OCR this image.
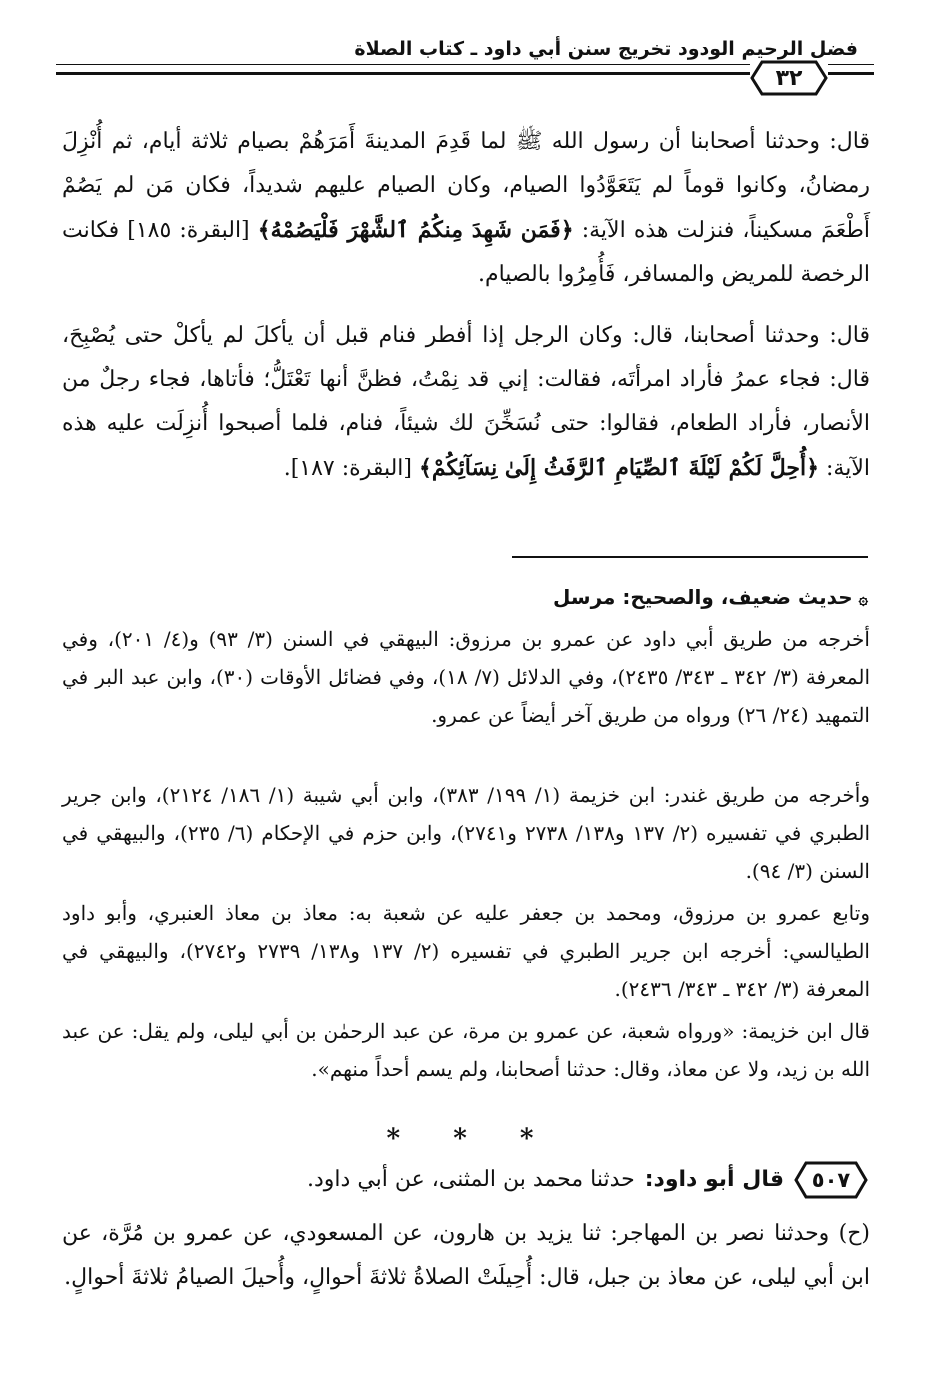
فضل الرحيم الودود تخريج سنن أبي داود ـ كتاب الصلاة
٣٢

قال: وحدثنا أصحابنا أن رسول الله ﷺ لما قَدِمَ المدينةَ أَمَرَهُمْ بصيام ثلاثة أيام، ثم أُنْزِلَ رمضانُ، وكانوا قوماً لم يَتَعَوَّدُوا الصيام، وكان الصيام عليهم شديداً، فكان مَن لم يَصُمْ أَطْعَمَ مسكيناً، فنزلت هذه الآية: ﴿فَمَن شَهِدَ مِنكُمُ ٱلشَّهْرَ فَلْيَصُمْهُ﴾ [البقرة: ١٨٥] فكانت الرخصة للمريض والمسافر، فَأُمِرُوا بالصيام.

قال: وحدثنا أصحابنا، قال: وكان الرجل إذا أفطر فنام قبل أن يأكلَ لم يأكلْ حتى يُصْبِحَ، قال: فجاء عمرُ فأراد امرأتَه، فقالت: إني قد نِمْتُ، فظنَّ أنها تَعْتَلُّ؛ فأتاها، فجاء رجلٌ من الأنصار، فأراد الطعام، فقالوا: حتى نُسَخِّنَ لك شيئاً، فنام، فلما أصبحوا أُنزِلَت عليه هذه الآية: ﴿أُحِلَّ لَكُمْ لَيْلَةَ ٱلصِّيَامِ ٱلرَّفَثُ إِلَىٰ نِسَآئِكُمْ﴾ [البقرة: ١٨٧].

۞حديث ضعيف، والصحيح: مرسل

أخرجه من طريق أبي داود عن عمرو بن مرزوق: البيهقي في السنن (٣/ ٩٣) و(٤/ ٢٠١)، وفي المعرفة (٣/ ٣٤٢ ـ ٣٤٣/ ٢٤٣٥)، وفي الدلائل (٧/ ١٨)، وفي فضائل الأوقات (٣٠)، وابن عبد البر في التمهيد (٢٤/ ٢٦) ورواه من طريق آخر أيضاً عن عمرو.

وأخرجه من طريق غندر: ابن خزيمة (١/ ١٩٩/ ٣٨٣)، وابن أبي شيبة (١/ ١٨٦/ ٢١٢٤)، وابن جرير الطبري في تفسيره (٢/ ١٣٧ و١٣٨/ ٢٧٣٨ و٢٧٤١)، وابن حزم في الإحكام (٦/ ٢٣٥)، والبيهقي في السنن (٣/ ٩٤).

وتابع عمرو بن مرزوق، ومحمد بن جعفر عليه عن شعبة به: معاذ بن معاذ العنبري، وأبو داود الطيالسي: أخرجه ابن جرير الطبري في تفسيره (٢/ ١٣٧ و١٣٨/ ٢٧٣٩ و٢٧٤٢)، والبيهقي في المعرفة (٣/ ٣٤٢ ـ ٣٤٣/ ٢٤٣٦).

قال ابن خزيمة: «ورواه شعبة، عن عمرو بن مرة، عن عبد الرحمٰن بن أبي ليلى، ولم يقل: عن عبد الله بن زيد، ولا عن معاذ، وقال: حدثنا أصحابنا، ولم يسم أحداً منهم».

* * *
٥٠٧
قال أبو داود:
حدثنا محمد بن المثنى، عن أبي داود.

(ح) وحدثنا نصر بن المهاجر: ثنا يزيد بن هارون، عن المسعودي، عن عمرو بن مُرَّة، عن ابن أبي ليلى، عن معاذ بن جبل، قال: أُحِيلَتْ الصلاةُ ثلاثةَ أحوالٍ، وأُحيلَ الصيامُ ثلاثةَ أحوالٍ.
